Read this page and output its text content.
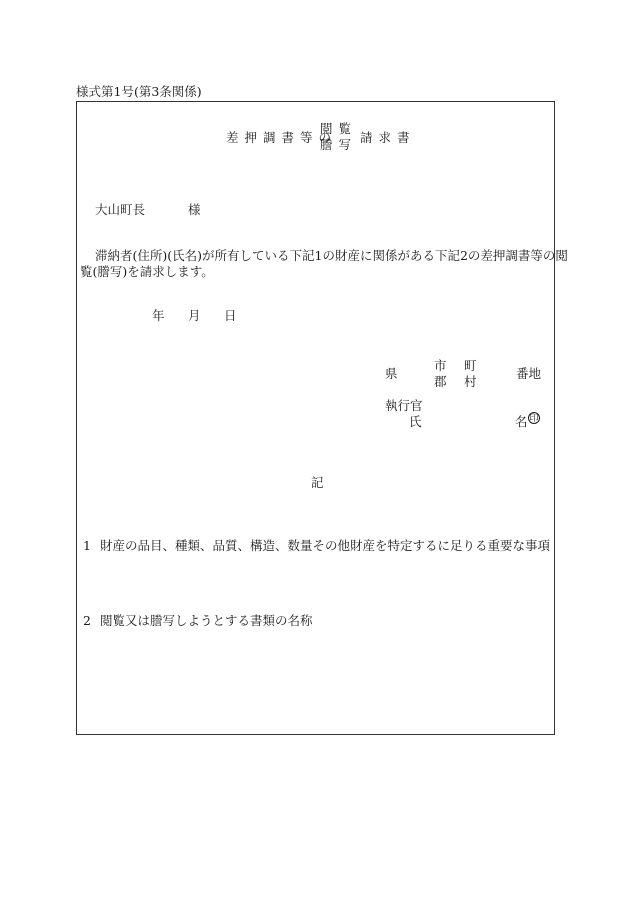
様式第1号(第3条関係)
差押調書等の
閲覧
謄写 請求書
大山町長	様
滞納者(住所)(氏名)が所有している下記1の財産に関係がある下記2の差押調書等の閲
覧(謄写)を請求します。
年 月 日
県
市
郡
町
村
番地
執行官
氏	名 印
記
1 財産の品目、種類、品質、構造、数量その他財産を特定するに足りる重要な事項
2 閲覧又は謄写しようとする書類の名称
